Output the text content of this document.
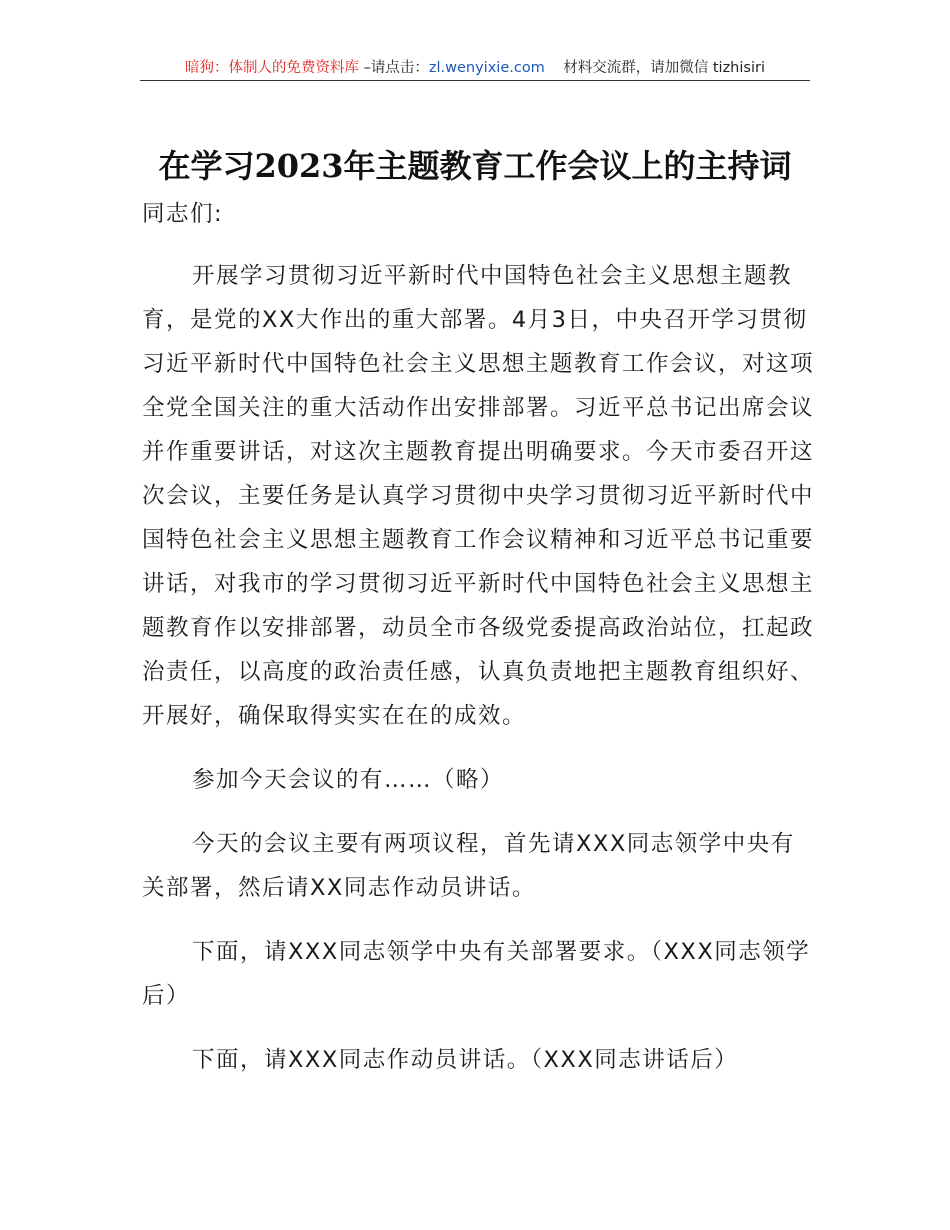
暗狗：体制人的免费资料库 –请点击：zl.wenyixie.com    材料交流群，请加微信 tizhisiri
在学习2023年主题教育工作会议上的主持词

同志们:

开展学习贯彻习近平新时代中国特色社会主义思想主题教育，是党的XX大作出的重大部署。4月3日，中央召开学习贯彻习近平新时代中国特色社会主义思想主题教育工作会议，对这项全党全国关注的重大活动作出安排部署。习近平总书记出席会议并作重要讲话，对这次主题教育提出明确要求。今天市委召开这次会议，主要任务是认真学习贯彻中央学习贯彻习近平新时代中国特色社会主义思想主题教育工作会议精神和习近平总书记重要讲话，对我市的学习贯彻习近平新时代中国特色社会主义思想主题教育作以安排部署，动员全市各级党委提高政治站位，扛起政治责任，以高度的政治责任感，认真负责地把主题教育组织好、开展好，确保取得实实在在的成效。

参加今天会议的有……（略）

今天的会议主要有两项议程，首先请XXX同志领学中央有关部署，然后请XX同志作动员讲话。

下面，请XXX同志领学中央有关部署要求。（XXX同志领学后）

下面，请XXX同志作动员讲话。（XXX同志讲话后）
